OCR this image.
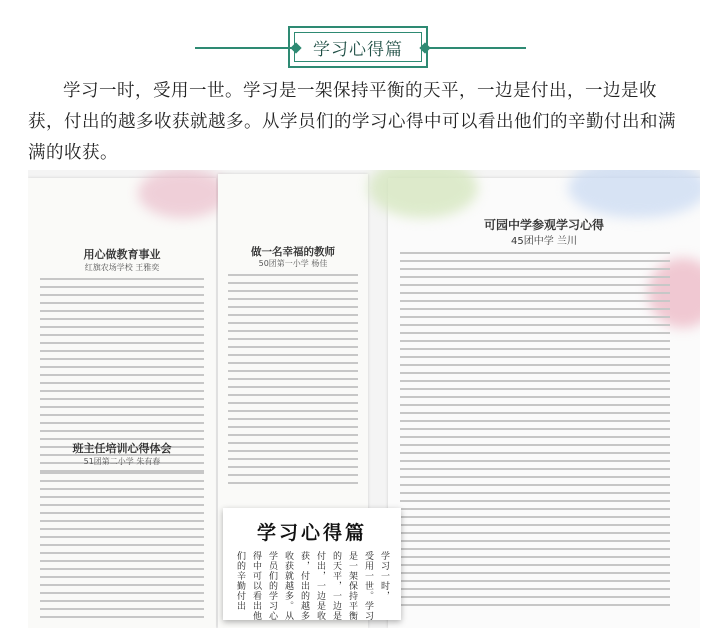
学习心得篇
学习一时，受用一世。学习是一架保持平衡的天平，一边是付出，一边是收获，付出的越多收获就越多。从学员们的学习心得中可以看出他们的辛勤付出和满满的收获。
用心做教育事业
红旗农场学校 王雅奕
班主任培训心得体会
51团第二小学 朱有春
做一名幸福的教师
50团第一小学 杨佳
可园中学参观学习心得
45团中学 兰川
学习心得篇
学习一时，
受用一世。学习
是一架保持平衡
的天平，一边是
付出，一边是收
获，付出的越多
收获就越多。从
学员们的学习心
得中可以看出他
们的辛勤付出
